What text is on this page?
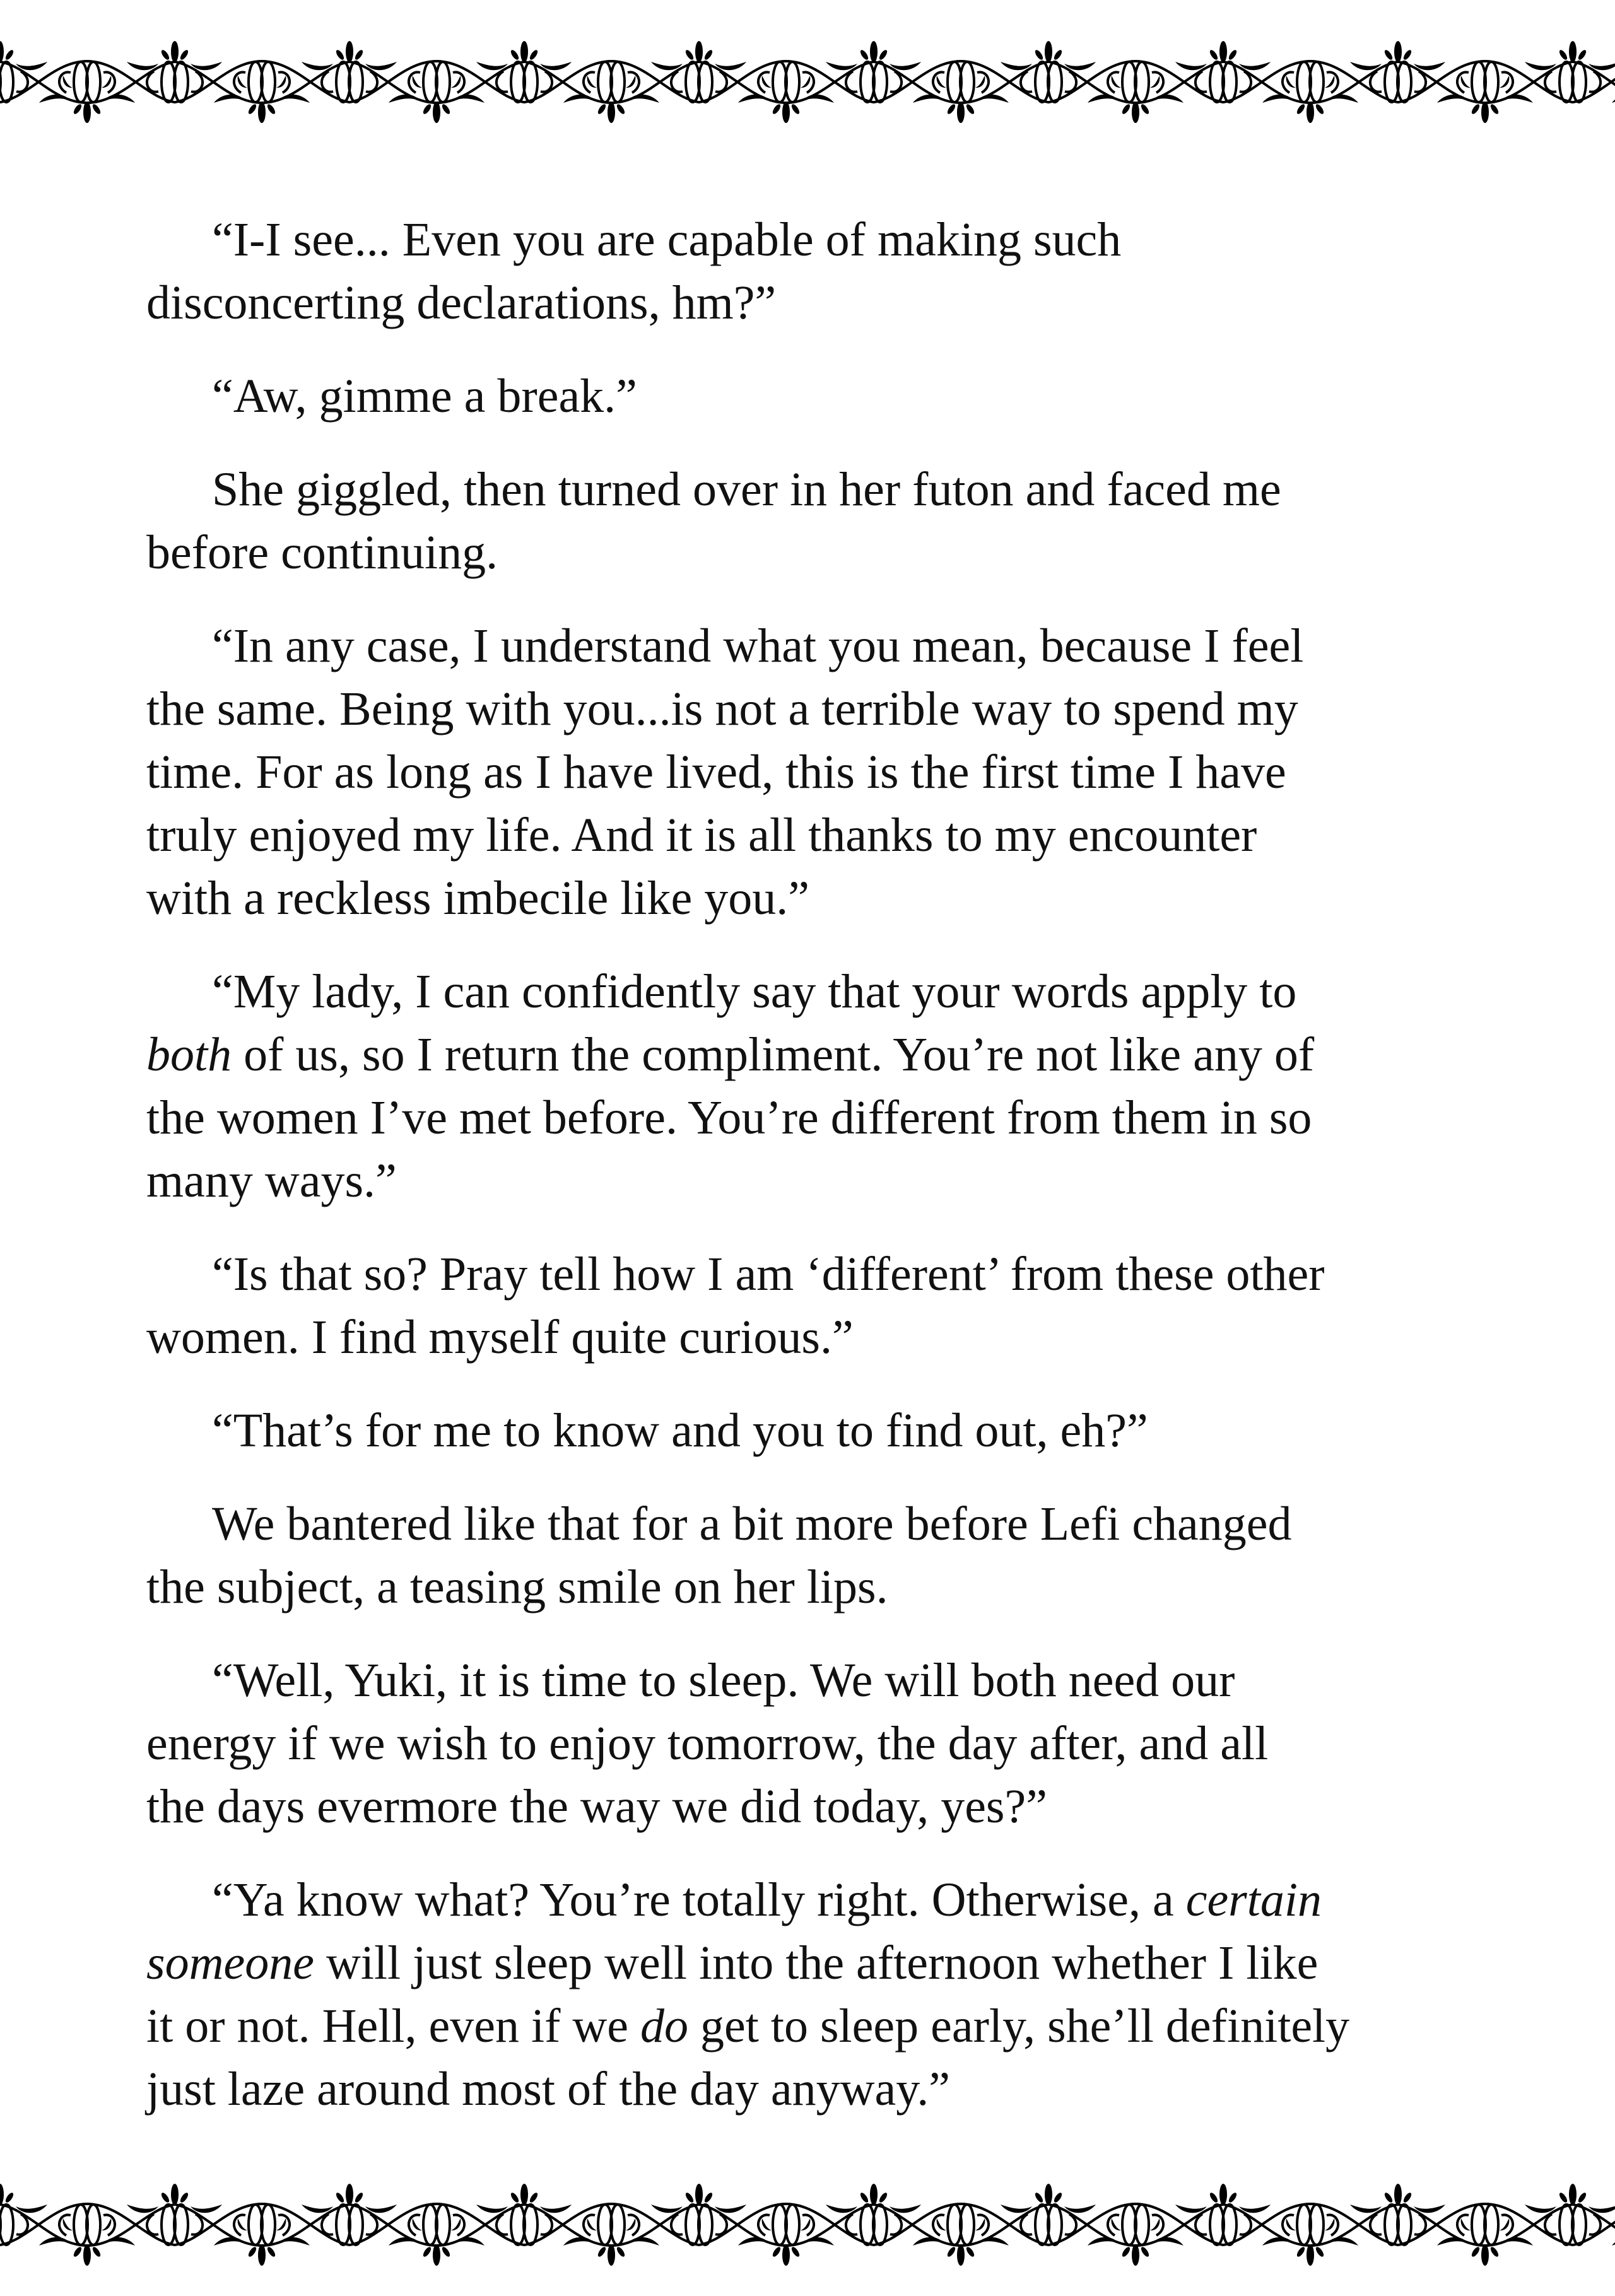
“I-I see... Even you are capable of making such
disconcerting declarations, hm?”
“Aw, gimme a break.”
She giggled, then turned over in her futon and faced me
before continuing.
“In any case, I understand what you mean, because I feel
the same. Being with you...is not a terrible way to spend my
time. For as long as I have lived, this is the first time I have
truly enjoyed my life. And it is all thanks to my encounter
with a reckless imbecile like you.”
“My lady, I can confidently say that your words apply to
both of us, so I return the compliment. You’re not like any of
the women I’ve met before. You’re different from them in so
many ways.”
“Is that so? Pray tell how I am ‘different’ from these other
women. I find myself quite curious.”
“That’s for me to know and you to find out, eh?”
We bantered like that for a bit more before Lefi changed
the subject, a teasing smile on her lips.
“Well, Yuki, it is time to sleep. We will both need our
energy if we wish to enjoy tomorrow, the day after, and all
the days evermore the way we did today, yes?”
“Ya know what? You’re totally right. Otherwise, a certain
someone will just sleep well into the afternoon whether I like
it or not. Hell, even if we do get to sleep early, she’ll definitely
just laze around most of the day anyway.”
